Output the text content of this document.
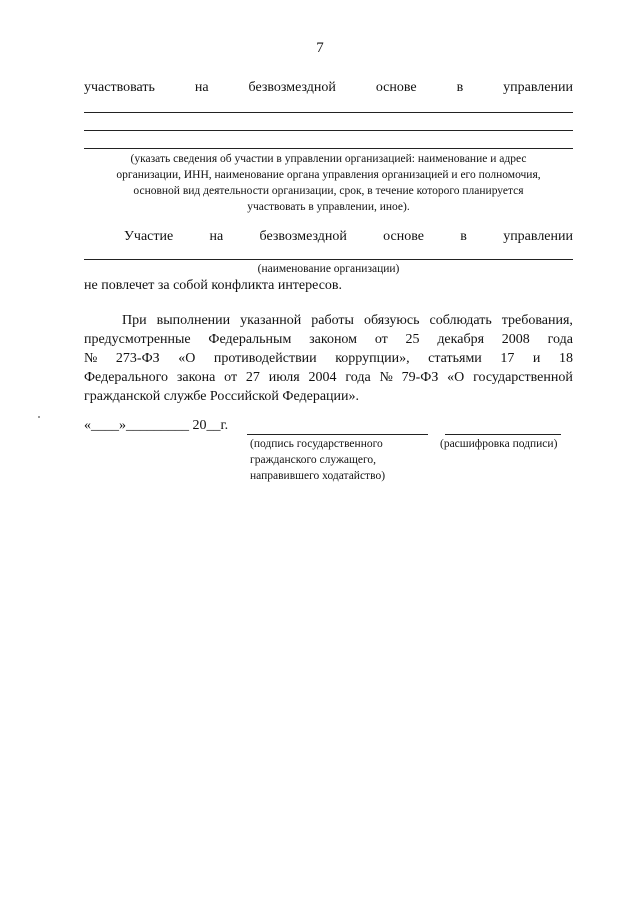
7
участвовать	на	безвозмездной	основе	в	управлении
(указать сведения об участии в управлении организацией: наименование и адрес
организации, ИНН, наименование органа управления организацией и его полномочия,
основной вид деятельности организации, срок, в течение которого планируется
участвовать в управлении, иное).
Участие	на	безвозмездной	основе	в	управлении
(наименование организации)
не повлечет за собой конфликта интересов.
При выполнении указанной работы обязуюсь соблюдать требования,
предусмотренные Федеральным законом от 25 декабря 2008 года
№ 273-ФЗ «О противодействии коррупции», статьями 17 и 18
Федерального закона от 27 июля 2004 года № 79-ФЗ «О государственной
гражданской службе Российской Федерации».
«____»_________ 20__г.
(подпись государственного
гражданского служащего,
направившего ходатайство)
(расшифровка подписи)
